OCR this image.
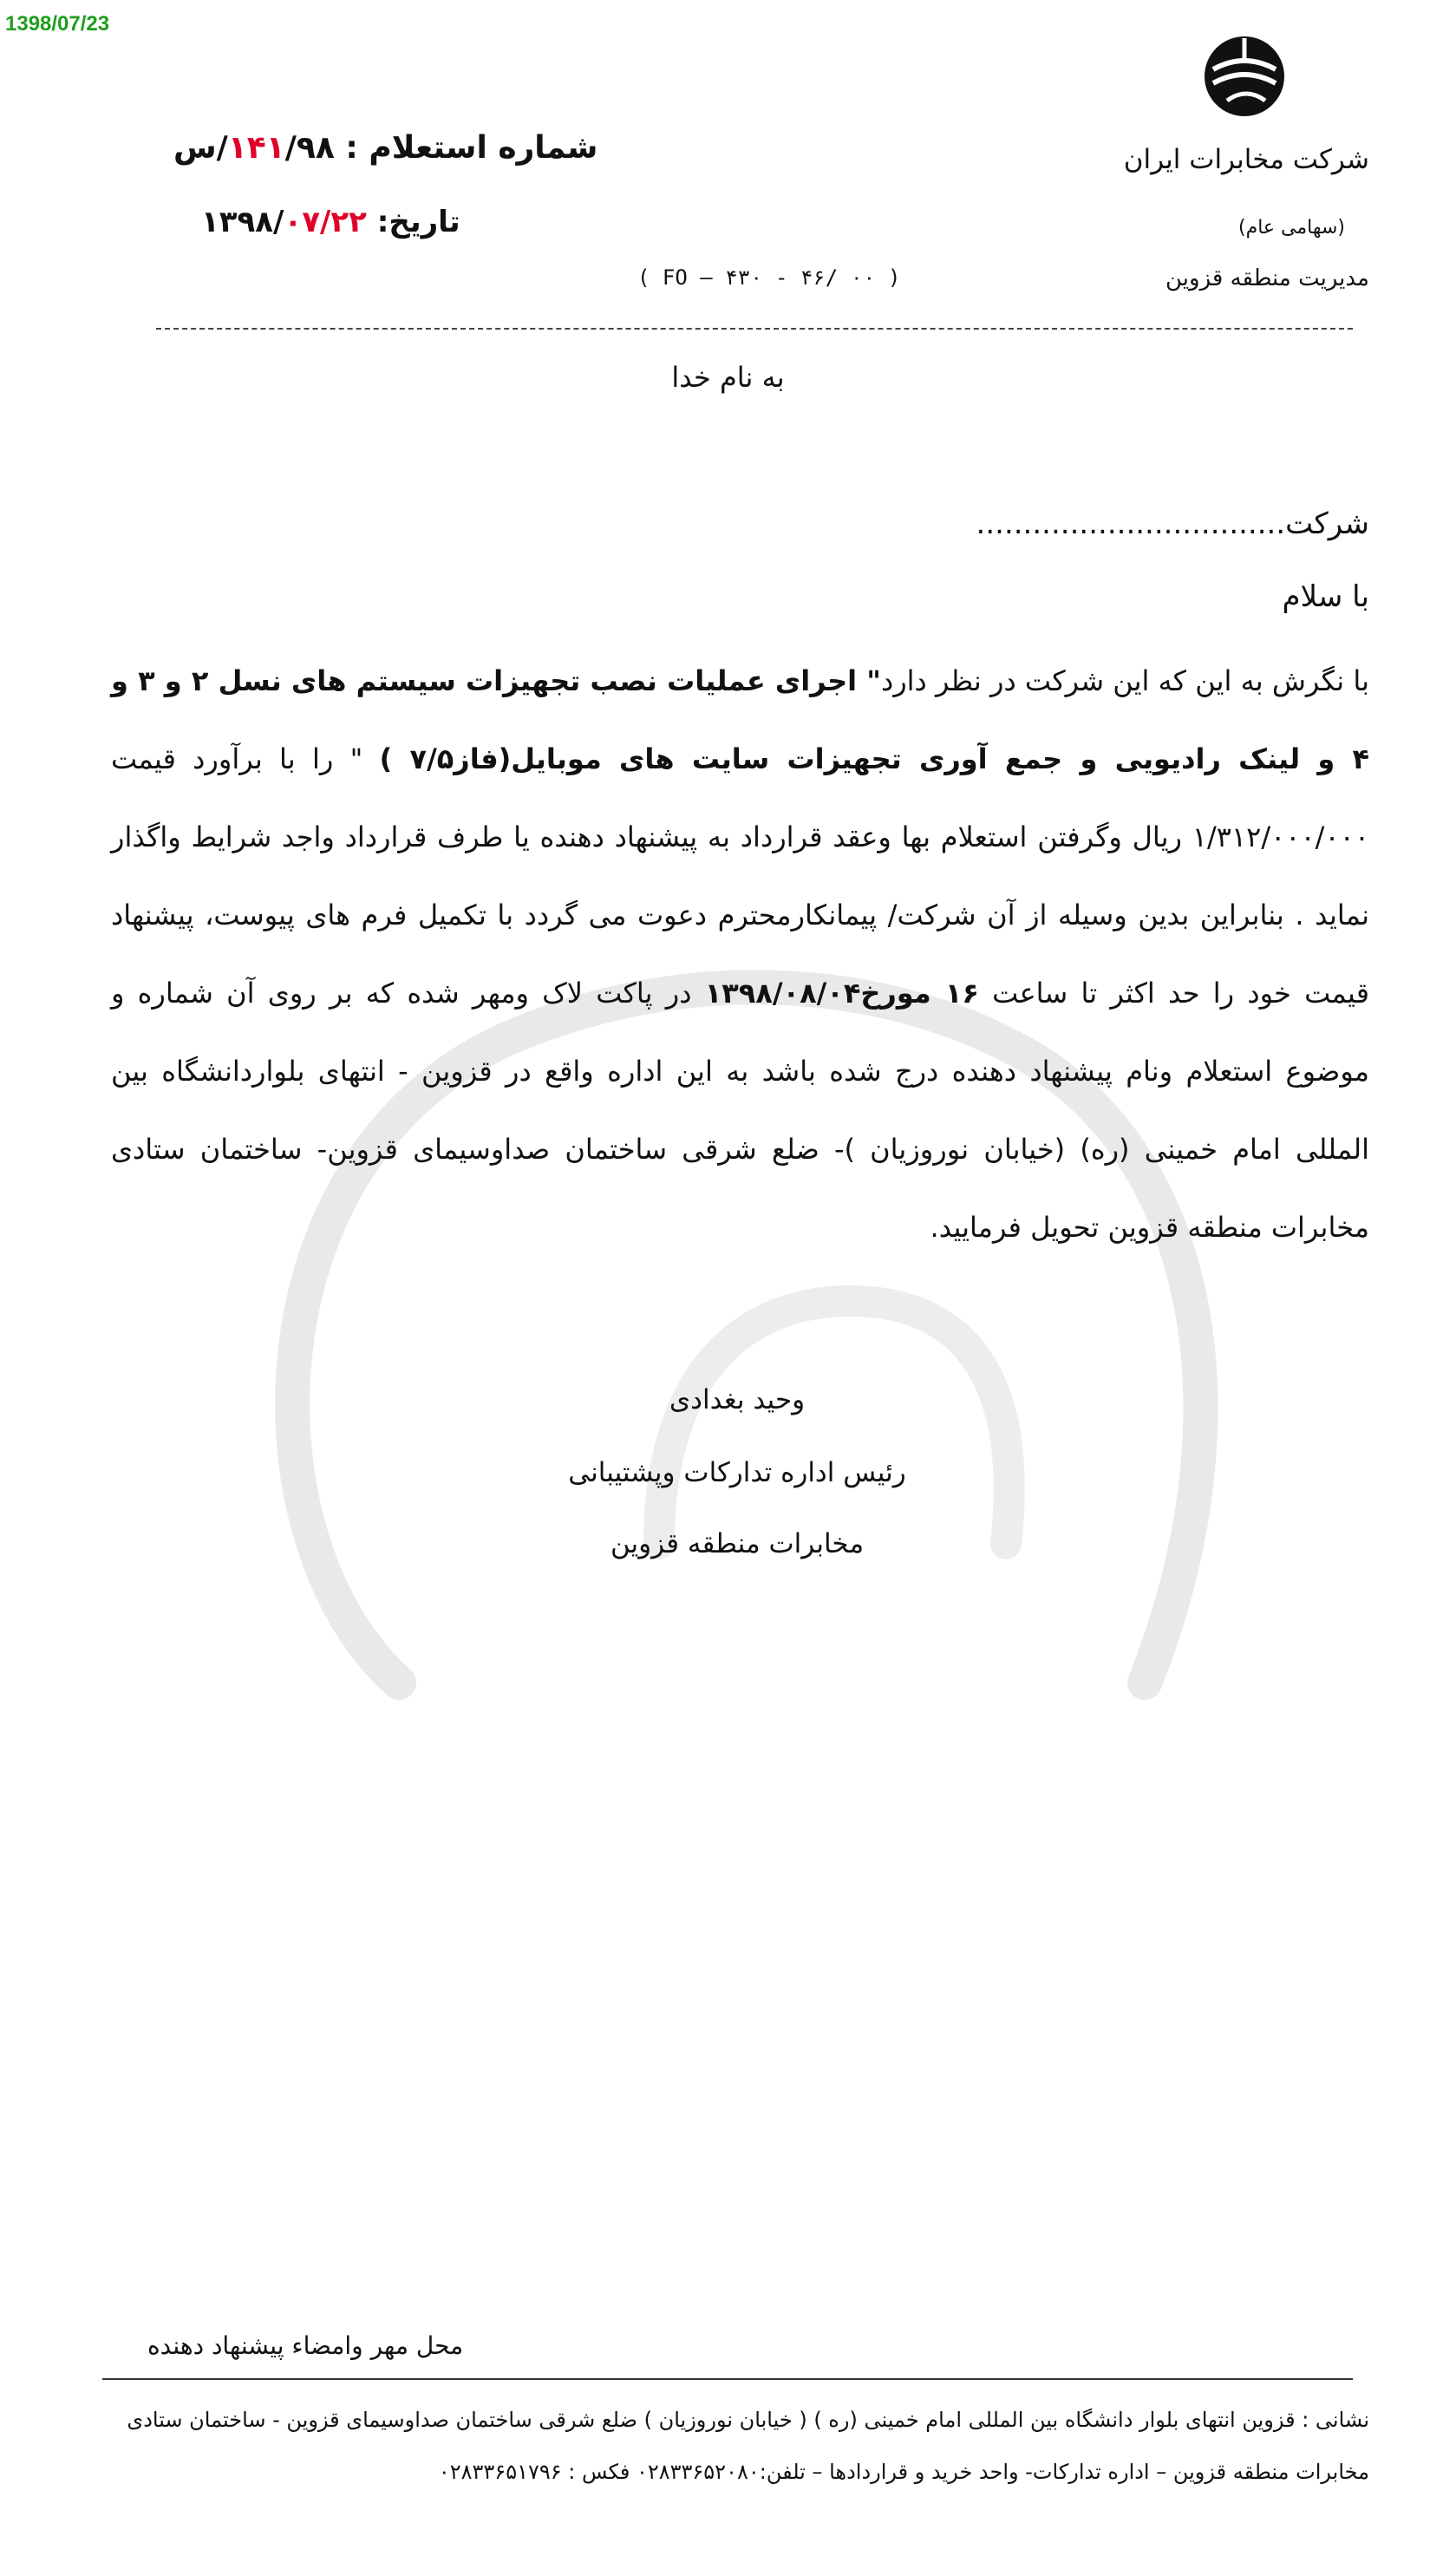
1398/07/23
شرکت مخابرات ایران
(سهامی عام)
مدیریت منطقه قزوین
شماره استعلام : ۱۴۱/۹۸/س
تاریخ: ۱۳۹۸/۰۷/۲۲
( FO – ۴۳۰ - ۴۶/ ۰۰ )
به نام خدا
شرکت.................................
با سلام
با نگرش به این که این شرکت در نظر دارد" اجرای عملیات نصب تجهیزات سیستم های نسل ۲ و ۳ و ۴ و لینک رادیویی و جمع آوری تجهیزات سایت های موبایل(فاز۷/۵ ) " را با برآورد قیمت ۱/۳۱۲/۰۰۰/۰۰۰ ریال وگرفتن استعلام بها وعقد قرارداد به پیشنهاد دهنده یا طرف قرارداد واجد شرایط واگذار نماید . بنابراین بدین وسیله از آن شرکت/ پیمانکارمحترم دعوت می گردد با تکمیل فرم های پیوست، پیشنهاد قیمت خود را حد اکثر تا ساعت ۱۶ مورخ۱۳۹۸/۰۸/۰۴ در پاکت لاک ومهر شده که بر روی آن شماره و موضوع استعلام ونام پیشنهاد دهنده درج شده باشد به این اداره واقع در قزوین - انتهای بلواردانشگاه بین المللی امام خمینی (ره) (خیابان نوروزیان )- ضلع شرقی ساختمان صداوسیمای قزوین- ساختمان ستادی مخابرات منطقه قزوین تحویل فرمایید.
وحید بغدادی
رئیس اداره تدارکات وپشتیبانی
مخابرات منطقه قزوین
محل مهر وامضاء پیشنهاد دهنده
نشانی : قزوین انتهای بلوار دانشگاه بین المللی امام خمینی (ره ) ( خیابان نوروزیان ) ضلع شرقی ساختمان صداوسیمای قزوین - ساختمان ستادی مخابرات منطقه قزوین – اداره تدارکات- واحد خرید و قراردادها – تلفن:۰۲۸۳۳۶۵۲۰۸۰ فکس : ۰۲۸۳۳۶۵۱۷۹۶
